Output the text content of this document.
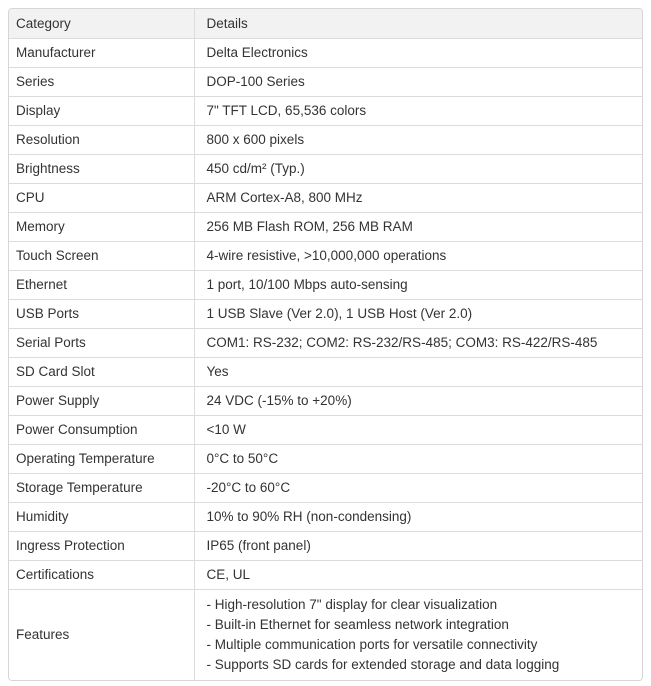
Category	Details
Manufacturer	Delta Electronics
Series	DOP-100 Series
Display	7" TFT LCD, 65,536 colors
Resolution	800 x 600 pixels
Brightness	450 cd/m² (Typ.)
CPU	ARM Cortex-A8, 800 MHz
Memory	256 MB Flash ROM, 256 MB RAM
Touch Screen	4-wire resistive, >10,000,000 operations
Ethernet	1 port, 10/100 Mbps auto-sensing
USB Ports	1 USB Slave (Ver 2.0), 1 USB Host (Ver 2.0)
Serial Ports	COM1: RS-232; COM2: RS-232/RS-485; COM3: RS-422/RS-485
SD Card Slot	Yes
Power Supply	24 VDC (-15% to +20%)
Power Consumption	<10 W
Operating Temperature	0°C to 50°C
Storage Temperature	-20°C to 60°C
Humidity	10% to 90% RH (non-condensing)
Ingress Protection	IP65 (front panel)
Certifications	CE, UL
Features	- High-resolution 7" display for clear visualization
- Built-in Ethernet for seamless network integration
- Multiple communication ports for versatile connectivity
- Supports SD cards for extended storage and data logging
